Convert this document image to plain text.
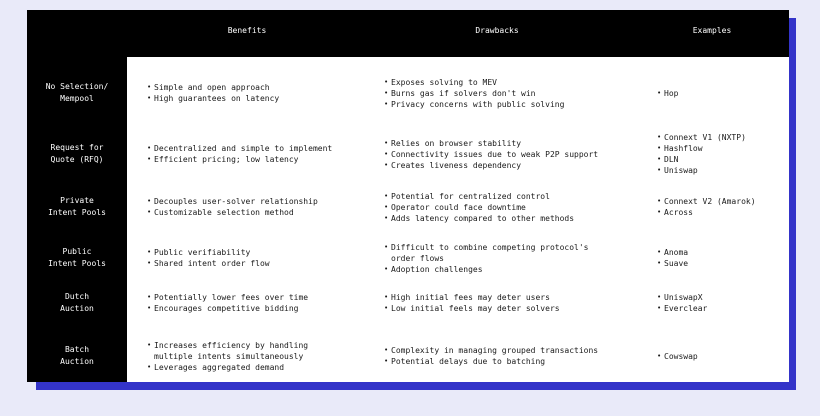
Benefits	Drawbacks	Examples
No Selection/
Mempool
• Simple and open approach
• High guarantees on latency
• Exposes solving to MEV
• Burns gas if solvers don't win
• Privacy concerns with public solving
• Hop
Request for
Quote (RFQ)
• Decentralized and simple to implement
• Efficient pricing; low latency
• Relies on browser stability
• Connectivity issues due to weak P2P support
• Creates liveness dependency
• Connext V1 (NXTP)
• Hashflow
• DLN
• Uniswap
Private
Intent Pools
• Decouples user-solver relationship
• Customizable selection method
• Potential for centralized control
• Operator could face downtime
• Adds latency compared to other methods
• Connext V2 (Amarok)
• Across
Public
Intent Pools
• Public verifiability
• Shared intent order flow
• Difficult to combine competing protocol's
order flows
• Adoption challenges
• Anoma
• Suave
Dutch
Auction
• Potentially lower fees over time
• Encourages competitive bidding
• High initial fees may deter users
• Low initial feels may deter solvers
• UniswapX
• Everclear
Batch
Auction
• Increases efficiency by handling
multiple intents simultaneously
• Leverages aggregated demand
• Complexity in managing grouped transactions
• Potential delays due to batching
• Cowswap
